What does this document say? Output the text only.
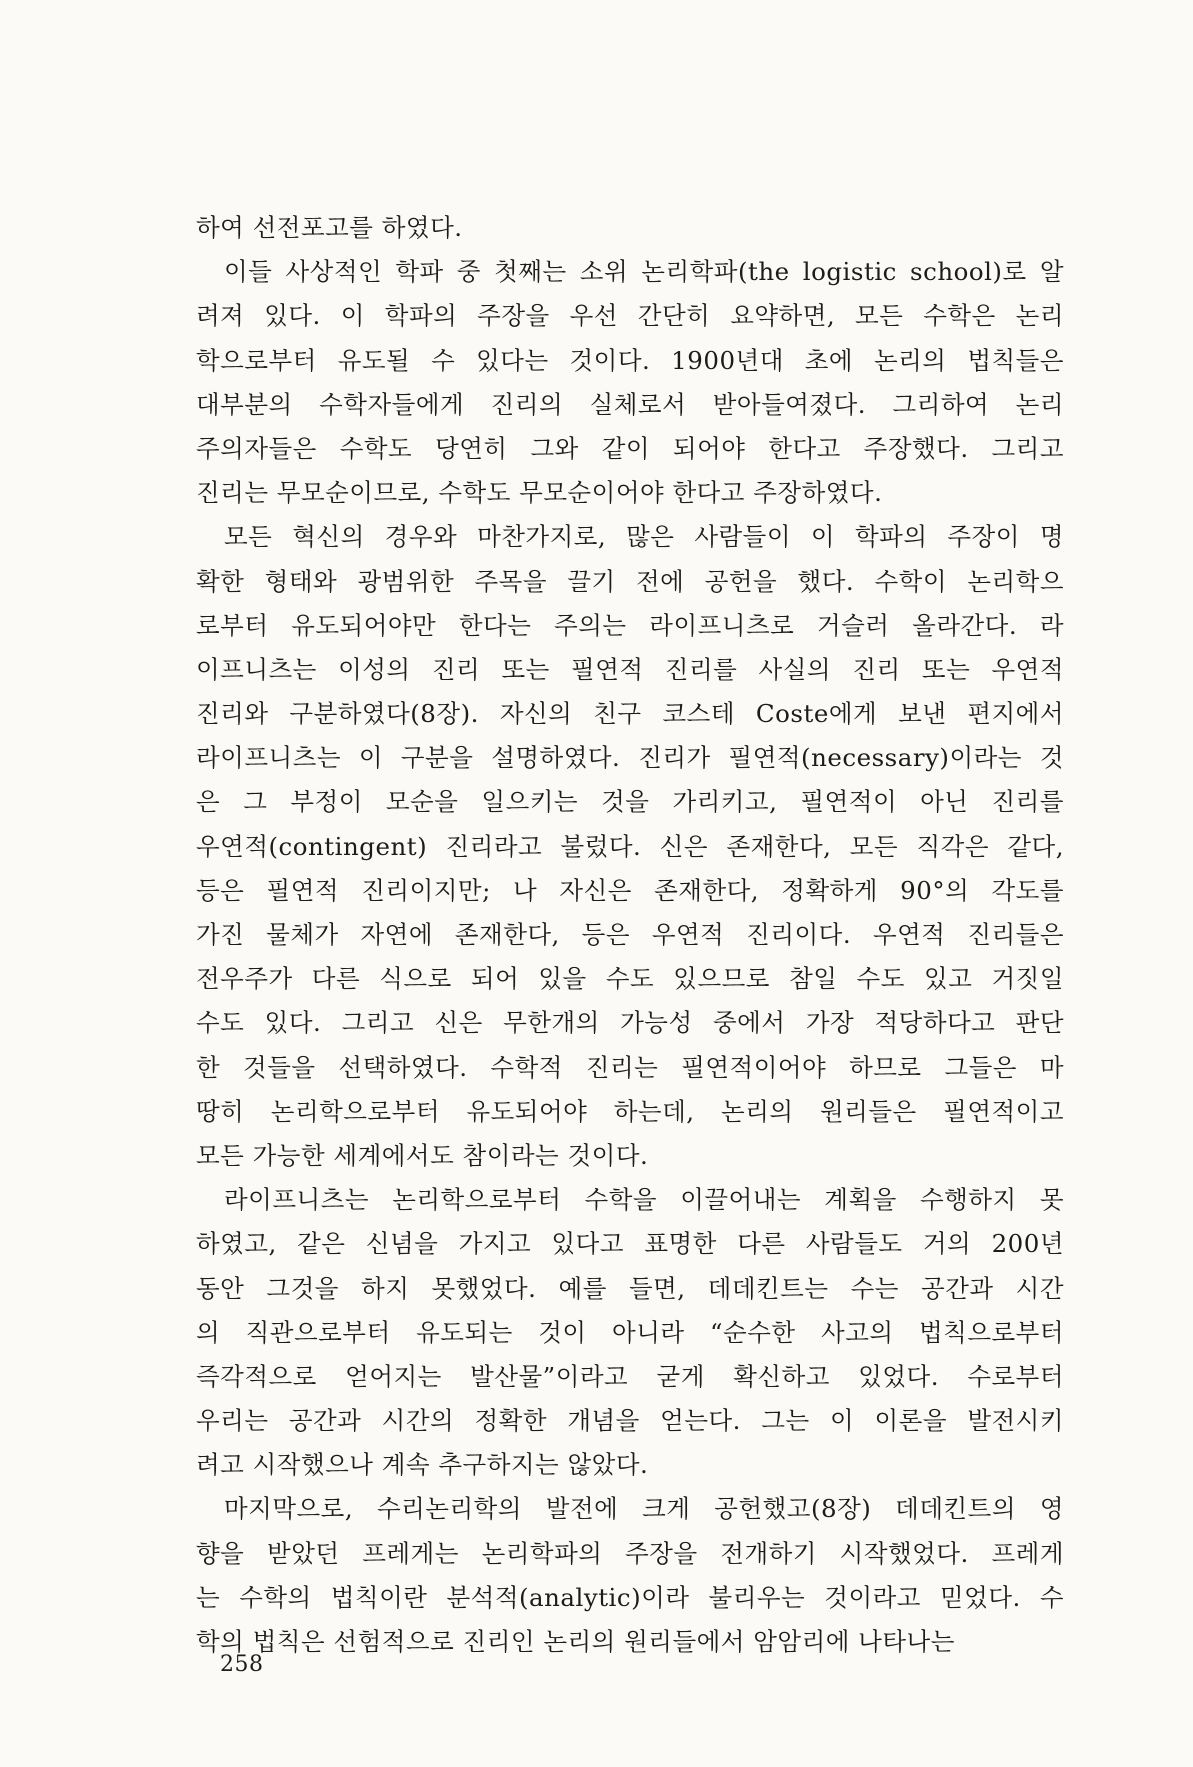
하여 선전포고를 하였다.
이들 사상적인 학파 중 첫째는 소위 논리학파(the logistic school)로 알
려져 있다. 이 학파의 주장을 우선 간단히 요약하면, 모든 수학은 논리
학으로부터 유도될 수 있다는 것이다. 1900년대 초에 논리의 법칙들은
대부분의 수학자들에게 진리의 실체로서 받아들여졌다. 그리하여 논리
주의자들은 수학도 당연히 그와 같이 되어야 한다고 주장했다. 그리고
진리는 무모순이므로, 수학도 무모순이어야 한다고 주장하였다.
모든 혁신의 경우와 마찬가지로, 많은 사람들이 이 학파의 주장이 명
확한 형태와 광범위한 주목을 끌기 전에 공헌을 했다. 수학이 논리학으
로부터 유도되어야만 한다는 주의는 라이프니츠로 거슬러 올라간다. 라
이프니츠는 이성의 진리 또는 필연적 진리를 사실의 진리 또는 우연적
진리와 구분하였다(8장). 자신의 친구 코스테 Coste에게 보낸 편지에서
라이프니츠는 이 구분을 설명하였다. 진리가 필연적(necessary)이라는 것
은 그 부정이 모순을 일으키는 것을 가리키고, 필연적이 아닌 진리를
우연적(contingent) 진리라고 불렀다. 신은 존재한다, 모든 직각은 같다,
등은 필연적 진리이지만; 나 자신은 존재한다, 정확하게 90°의 각도를
가진 물체가 자연에 존재한다, 등은 우연적 진리이다. 우연적 진리들은
전우주가 다른 식으로 되어 있을 수도 있으므로 참일 수도 있고 거짓일
수도 있다. 그리고 신은 무한개의 가능성 중에서 가장 적당하다고 판단
한 것들을 선택하였다. 수학적 진리는 필연적이어야 하므로 그들은 마
땅히 논리학으로부터 유도되어야 하는데, 논리의 원리들은 필연적이고
모든 가능한 세계에서도 참이라는 것이다.
라이프니츠는 논리학으로부터 수학을 이끌어내는 계획을 수행하지 못
하였고, 같은 신념을 가지고 있다고 표명한 다른 사람들도 거의 200년
동안 그것을 하지 못했었다. 예를 들면, 데데킨트는 수는 공간과 시간
의 직관으로부터 유도되는 것이 아니라 “순수한 사고의 법칙으로부터
즉각적으로 얻어지는 발산물”이라고 굳게 확신하고 있었다. 수로부터
우리는 공간과 시간의 정확한 개념을 얻는다. 그는 이 이론을 발전시키
려고 시작했으나 계속 추구하지는 않았다.
마지막으로, 수리논리학의 발전에 크게 공헌했고(8장) 데데킨트의 영
향을 받았던 프레게는 논리학파의 주장을 전개하기 시작했었다. 프레게
는 수학의 법칙이란 분석적(analytic)이라 불리우는 것이라고 믿었다. 수
학의 법칙은 선험적으로 진리인 논리의 원리들에서 암암리에 나타나는
258
